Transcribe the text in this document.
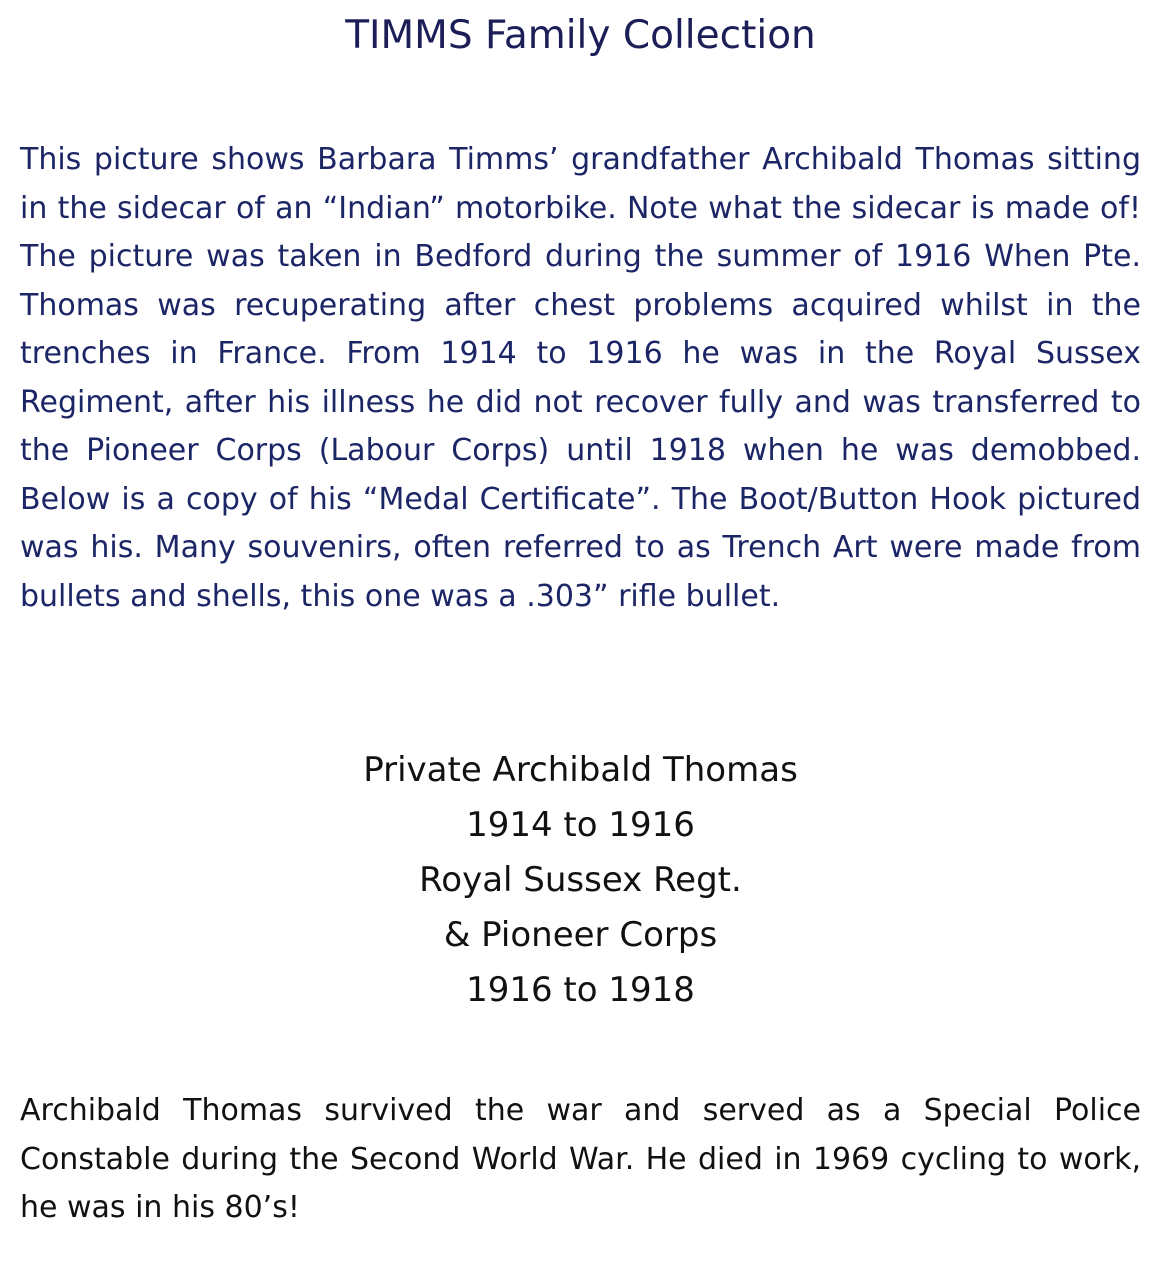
TIMMS Family Collection

This picture shows Barbara Timms’ grandfather Archibald Thomas sitting in the sidecar of an “Indian” motorbike. Note what the sidecar is made of! The picture was taken in Bedford during the summer of 1916 When Pte. Thomas was recuperating after chest problems acquired whilst in the trenches in France. From 1914 to 1916 he was in the Royal Sussex Regiment, after his illness he did not recover fully and was transferred to the Pioneer Corps (Labour Corps) until 1918 when he was demobbed. Below is a copy of his “Medal Certificate”. The Boot/Button Hook pictured was his. Many souvenirs, often referred to as Trench Art were made from bullets and shells, this one was a .303” rifle bullet.

Private Archibald Thomas
1914 to 1916
Royal Sussex Regt.
& Pioneer Corps
1916 to 1918

Archibald Thomas survived the war and served as a Special Police Constable during the Second World War. He died in 1969 cycling to work, he was in his 80’s!
